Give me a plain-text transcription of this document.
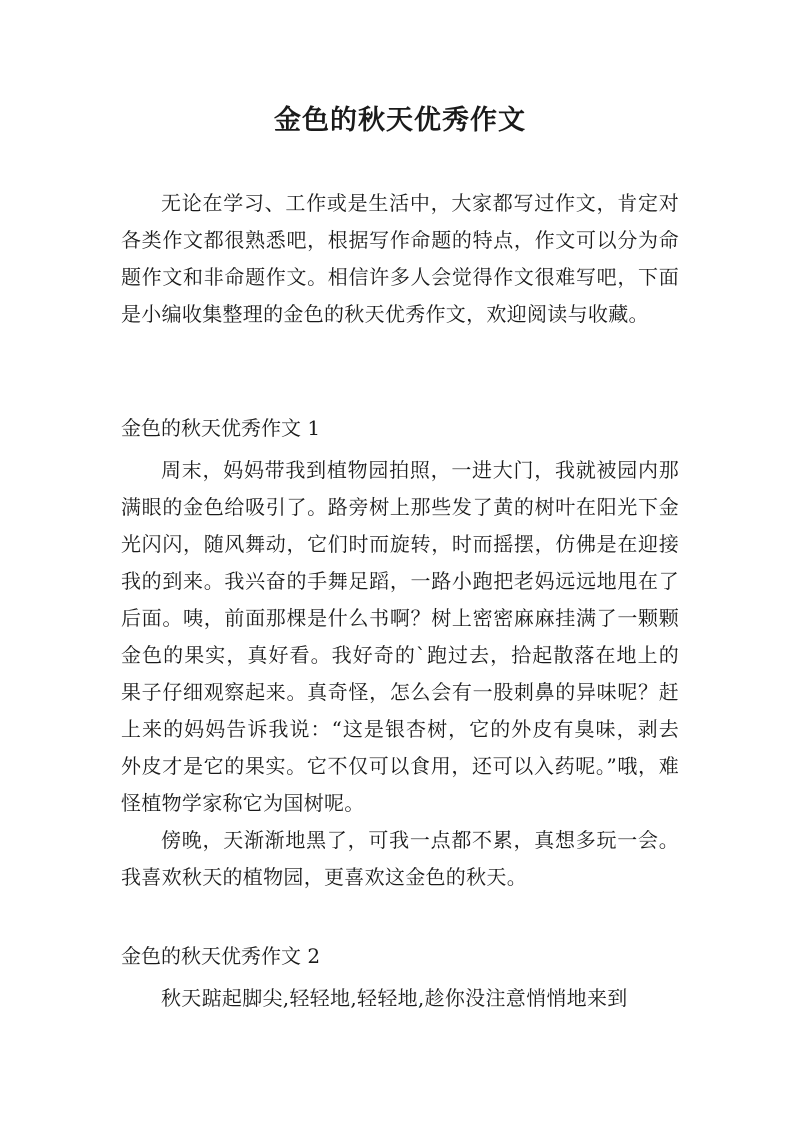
金色的秋天优秀作文

无论在学习、工作或是生活中，大家都写过作文，肯定对各类作文都很熟悉吧，根据写作命题的特点，作文可以分为命题作文和非命题作文。相信许多人会觉得作文很难写吧，下面是小编收集整理的金色的秋天优秀作文，欢迎阅读与收藏。

金色的秋天优秀作文 1

周末，妈妈带我到植物园拍照，一进大门，我就被园内那满眼的金色给吸引了。路旁树上那些发了黄的树叶在阳光下金光闪闪，随风舞动，它们时而旋转，时而摇摆，仿佛是在迎接我的到来。我兴奋的手舞足蹈，一路小跑把老妈远远地甩在了后面。咦，前面那棵是什么书啊？树上密密麻麻挂满了一颗颗金色的果实，真好看。我好奇的`跑过去，拾起散落在地上的果子仔细观察起来。真奇怪，怎么会有一股刺鼻的异味呢？赶上来的妈妈告诉我说：“这是银杏树，它的外皮有臭味，剥去外皮才是它的果实。它不仅可以食用，还可以入药呢。”哦，难怪植物学家称它为国树呢。

傍晚，天渐渐地黑了，可我一点都不累，真想多玩一会。我喜欢秋天的植物园，更喜欢这金色的秋天。

金色的秋天优秀作文 2

秋天踮起脚尖,轻轻地,轻轻地,趁你没注意悄悄地来到
